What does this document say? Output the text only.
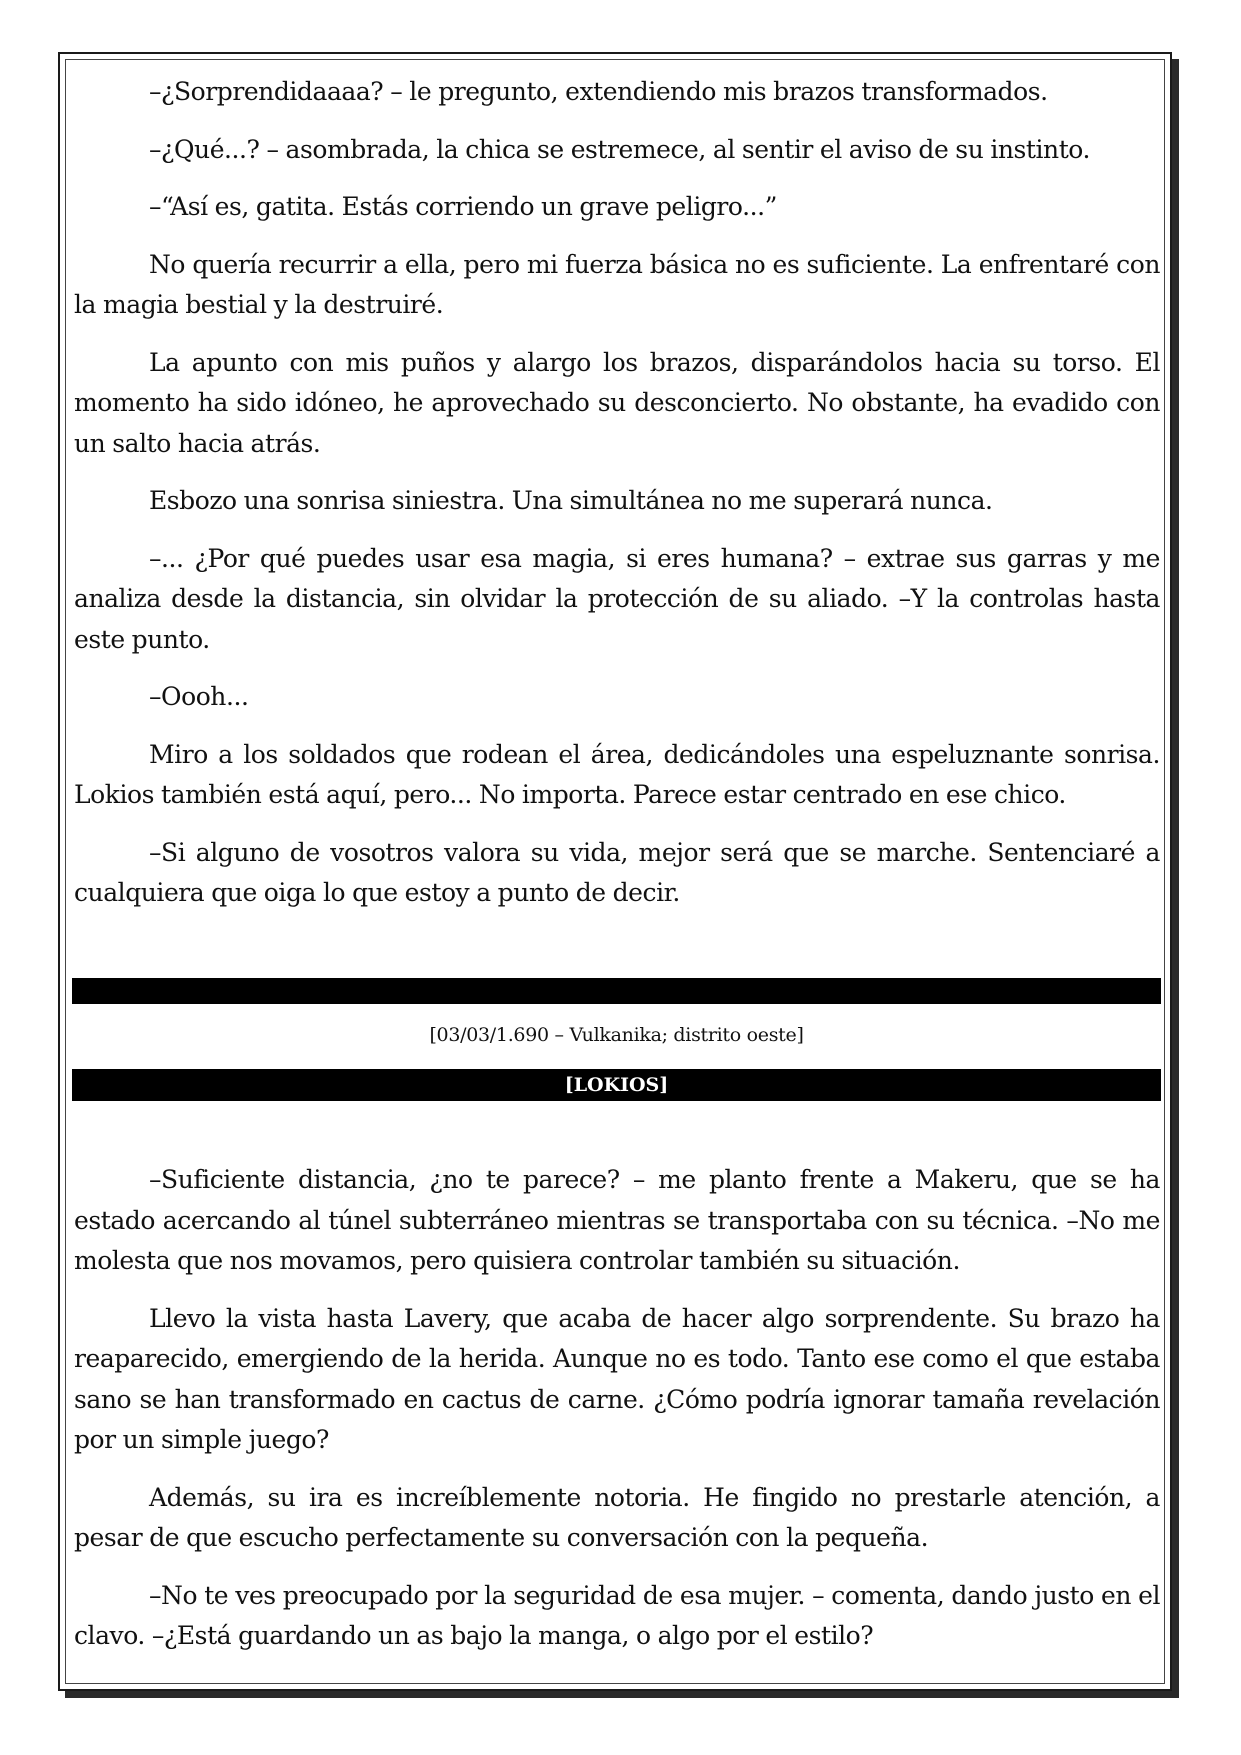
–¿Sorprendidaaaa? – le pregunto, extendiendo mis brazos transformados.

–¿Qué...? – asombrada, la chica se estremece, al sentir el aviso de su instinto.

–“Así es, gatita. Estás corriendo un grave peligro...”

No quería recurrir a ella, pero mi fuerza básica no es suficiente. La enfrentaré con la magia bestial y la destruiré.

La apunto con mis puños y alargo los brazos, disparándolos hacia su torso. El momento ha sido idóneo, he aprovechado su desconcierto. No obstante, ha evadido con un salto hacia atrás.

Esbozo una sonrisa siniestra. Una simultánea no me superará nunca.

–... ¿Por qué puedes usar esa magia, si eres humana? – extrae sus garras y me analiza desde la distancia, sin olvidar la protección de su aliado. –Y la controlas hasta este punto.

–Oooh...

Miro a los soldados que rodean el área, dedicándoles una espeluznante sonrisa. Lokios también está aquí, pero... No importa. Parece estar centrado en ese chico.

–Si alguno de vosotros valora su vida, mejor será que se marche. Sentenciaré a cualquiera que oiga lo que estoy a punto de decir.

[03/03/1.690 – Vulkanika; distrito oeste]
[LOKIOS]

–Suficiente distancia, ¿no te parece? – me planto frente a Makeru, que se ha estado acercando al túnel subterráneo mientras se transportaba con su técnica. –No me molesta que nos movamos, pero quisiera controlar también su situación.

Llevo la vista hasta Lavery, que acaba de hacer algo sorprendente. Su brazo ha reaparecido, emergiendo de la herida. Aunque no es todo. Tanto ese como el que estaba sano se han transformado en cactus de carne. ¿Cómo podría ignorar tamaña revelación por un simple juego?

Además, su ira es increíblemente notoria. He fingido no prestarle atención, a pesar de que escucho perfectamente su conversación con la pequeña.

–No te ves preocupado por la seguridad de esa mujer. – comenta, dando justo en el clavo. –¿Está guardando un as bajo la manga, o algo por el estilo?
